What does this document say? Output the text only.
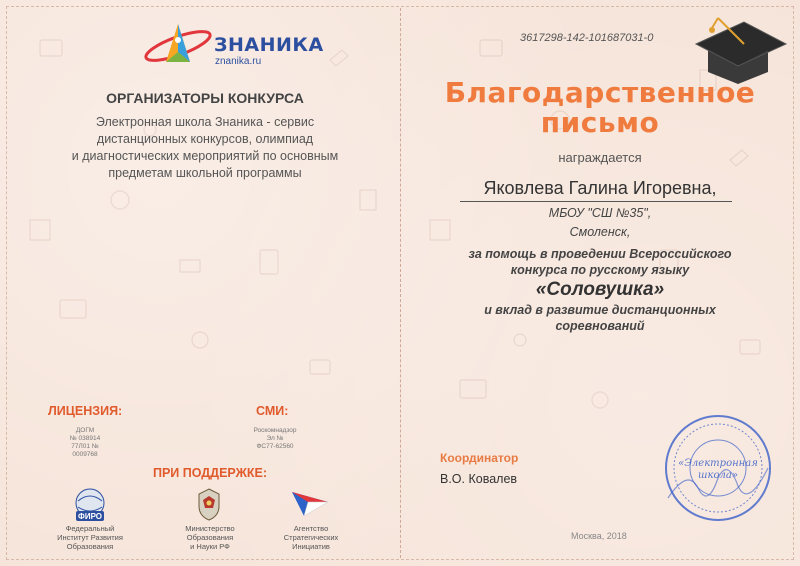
ЗНАНИКА
znanika.ru
ОРГАНИЗАТОРЫ КОНКУРСА
Электронная школа Знаника - сервис
дистанционных конкурсов, олимпиад
и диагностических мероприятий по основным
предметам школьной программы
ЛИЦЕНЗИЯ:
ДОГМ
№ 038914
77Л01 № 0009768
СМИ:
Роскомнадзор
Эл №
ФС77-62560
ПРИ ПОДДЕРЖКЕ:
ФИРО
Федеральный
Институт Развития
Образования
Министерство
Образования
и Науки РФ
Агентство
Стратегических
Инициатив
3617298-142-101687031-0
Благодарственное
письмо
награждается
Яковлева Галина Игоревна,
МБОУ "СШ №35",
Смоленск,
за помощь в проведении Всероссийского
конкурса по русскому языку
«Соловушка»
и вклад в развитие дистанционных
соревнований
Координатор
В.О. Ковалев
«Электронная
школа»
Москва, 2018
